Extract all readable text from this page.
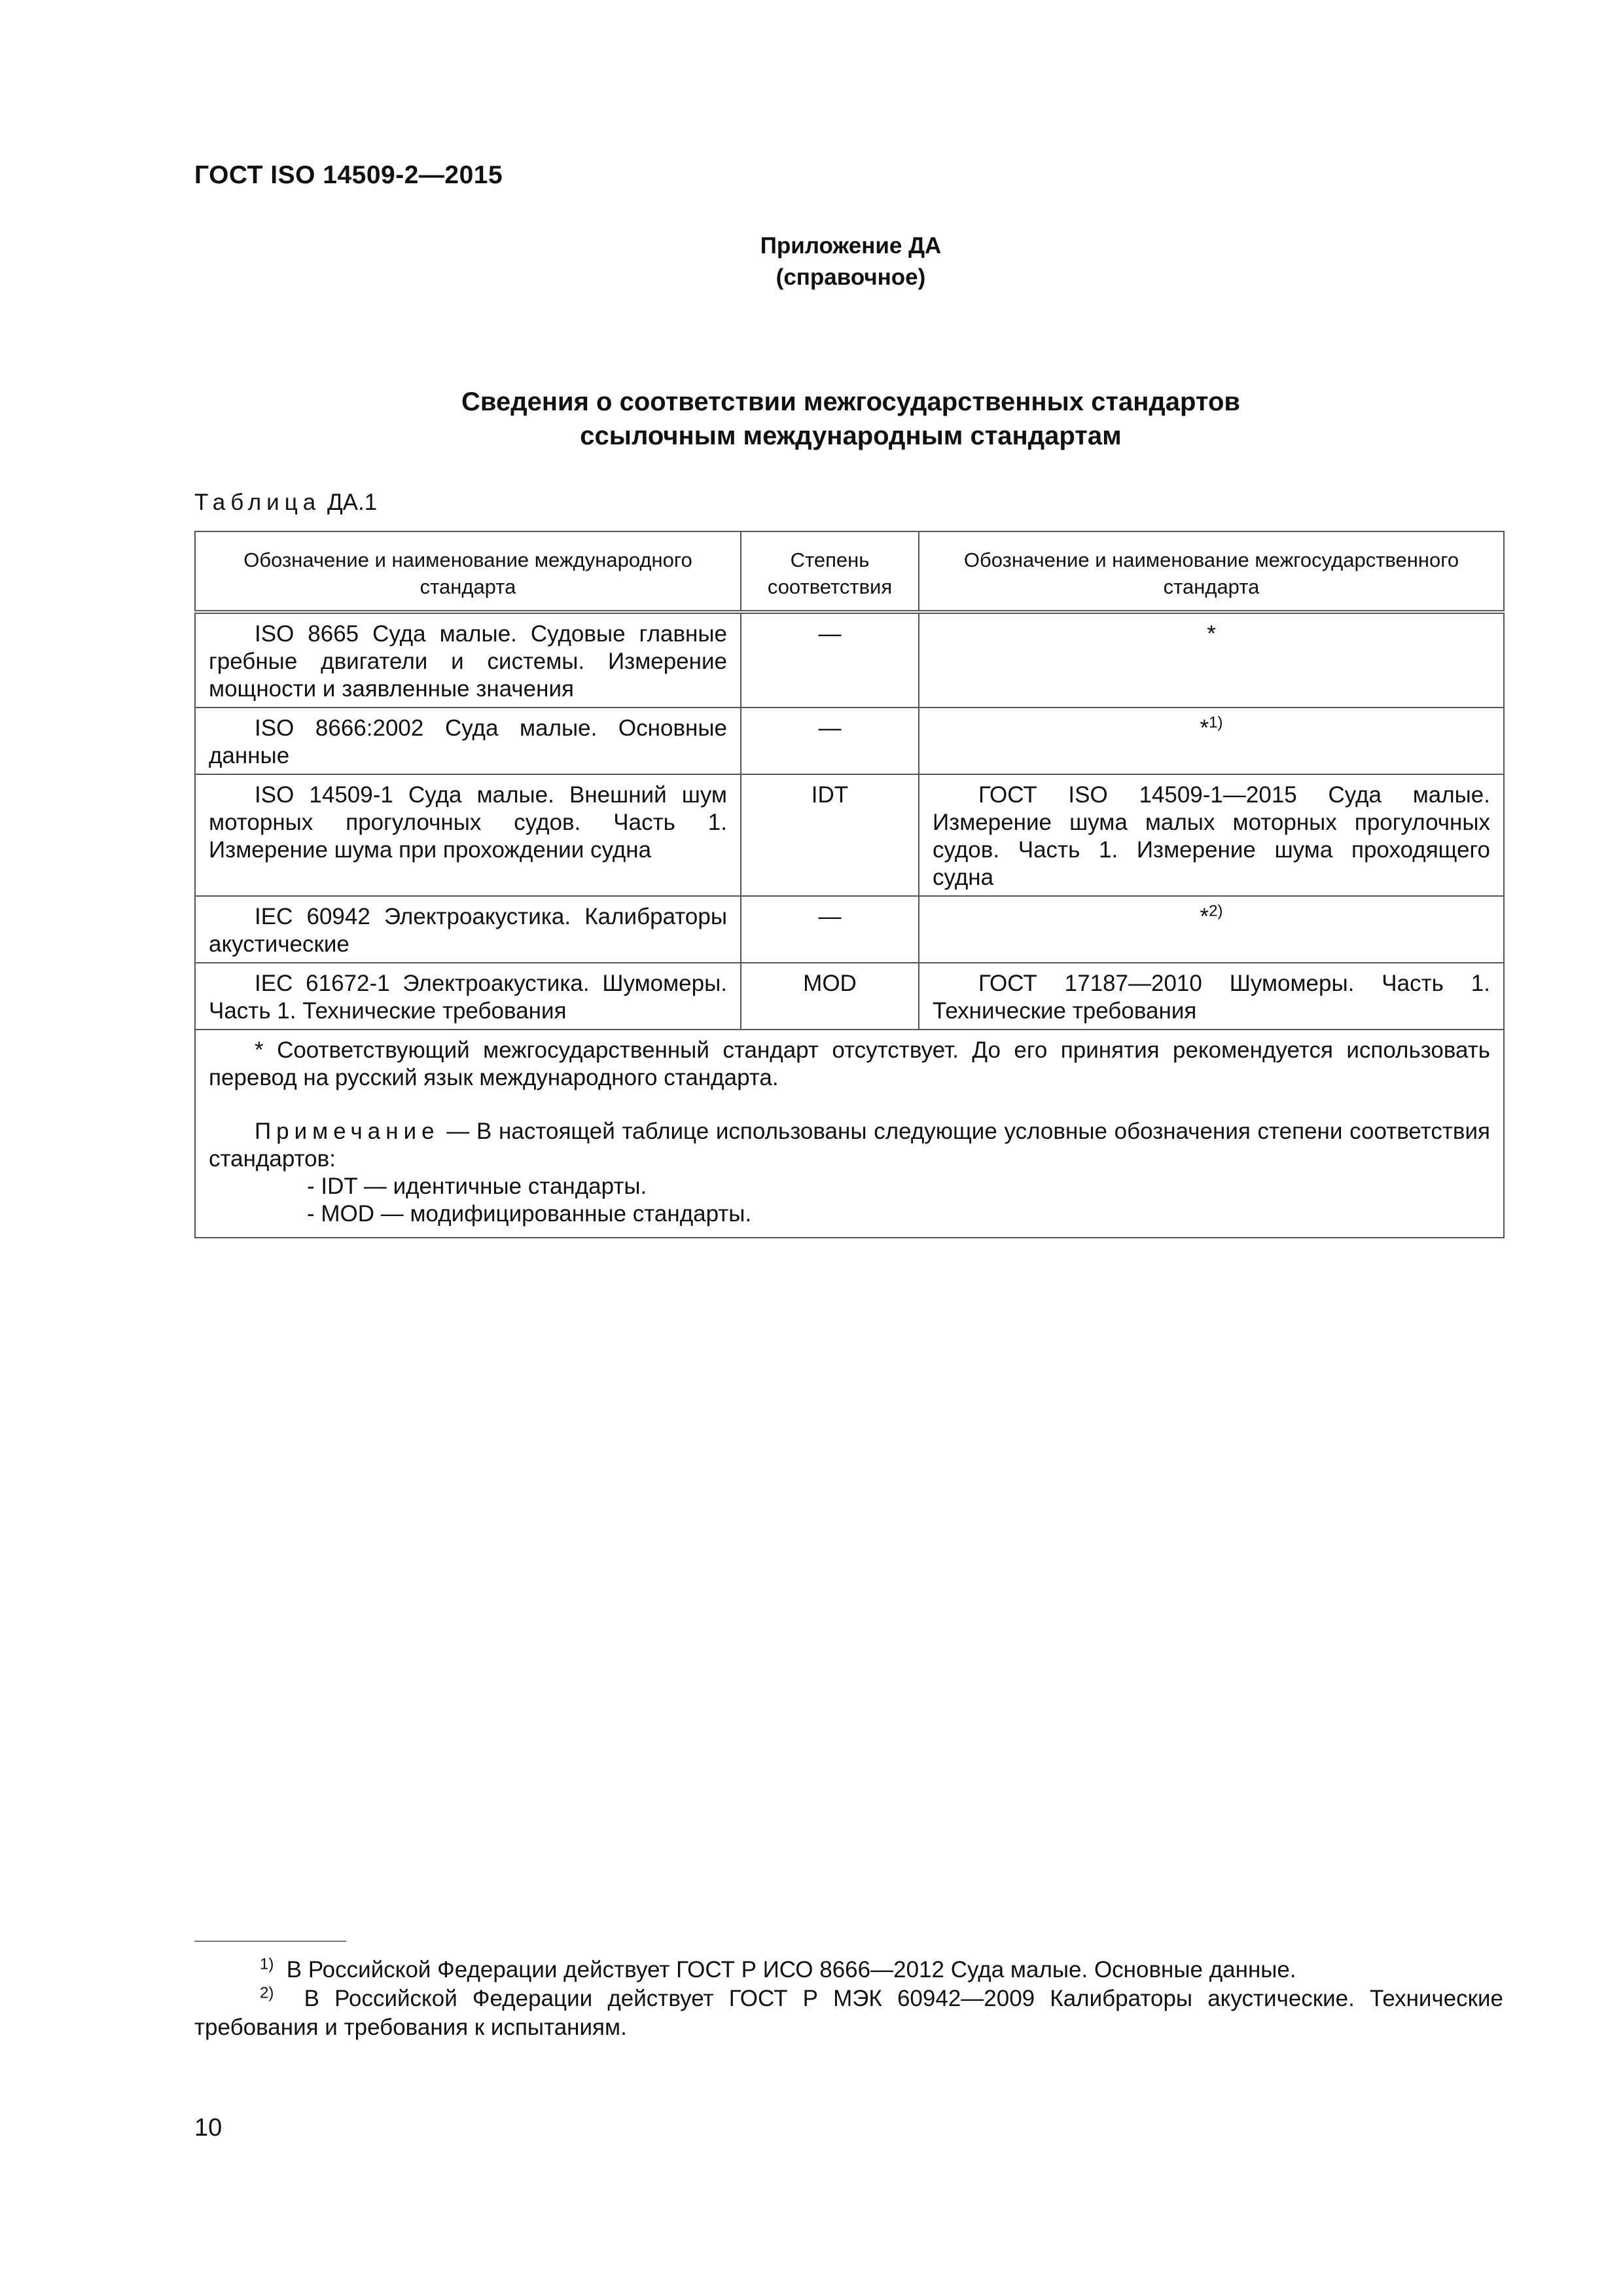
ГОСТ ISO 14509-2—2015
Приложение ДА
(справочное)
Сведения о соответствии межгосударственных стандартов
ссылочным международным стандартам
Таблица ДА.1
Обозначение и наименование международного стандарта	Степень соответствия	Обозначение и наименование межгосударственного стандарта

ISO 8665 Суда малые. Судовые главные гребные двигатели и системы. Измерение мощности и заявленные значения	—	*

ISO 8666:2002 Суда малые. Основные данные	—	*$^{1)}$

ISO 14509-1 Суда малые. Внешний шум моторных прогулочных судов. Часть 1. Измерение шума при прохождении судна	IDT	ГОСТ ISO 14509-1—2015 Суда малые. Измерение шума малых моторных прогулочных судов. Часть 1. Измерение шума проходящего судна

IEC 60942 Электроакустика. Калибраторы акустические	—	*$^{2)}$

IEC 61672-1 Электроакустика. Шумомеры. Часть 1. Технические требования	MOD	ГОСТ 17187—2010 Шумомеры. Часть 1. Технические требования

* Соответствующий межгосударственный стандарт отсутствует. До его принятия рекомендуется использовать перевод на русский язык международного стандарта.

Примечание — В настоящей таблице использованы следующие условные обозначения степени соответствия стандартов:

- IDT — идентичные стандарты.

- MOD — модифицированные стандарты.		

$^{1)}$ В Российской Федерации действует ГОСТ Р ИСО 8666—2012 Суда малые. Основные данные.
$^{2)}$ В Российской Федерации действует ГОСТ Р МЭК 60942—2009 Калибраторы акустические. Технические требования и требования к испытаниям.
10
